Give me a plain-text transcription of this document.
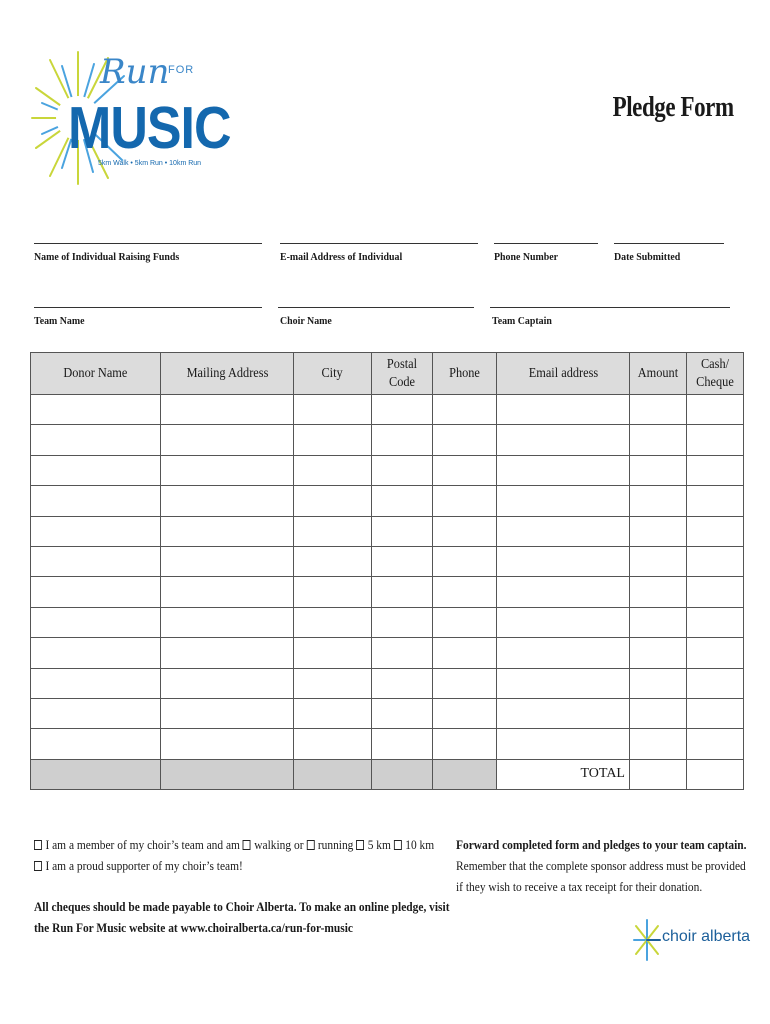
Run
FOR
MUSIC
5km Walk • 5km Run • 10km Run
Pledge Form
Name of Individual Raising Funds	E-mail Address of Individual	Phone Number	Date Submitted
Team Name	Choir Name	Team Captain
Donor Name	Mailing Address	City	Postal Code	Phone	Email address	Amount	Cash/ Cheque

					TOTAL		
I am a member of my choir’s team and am walking or running 5 km 10 km
I am a proud supporter of my choir’s team!
All cheques should be made payable to Choir Alberta. To make an online pledge, visit
the Run For Music website at www.choiralberta.ca/run-for-music
Forward completed form and pledges to your team captain.
Remember that the complete sponsor address must be provided
if they wish to receive a tax receipt for their donation.
choir alberta
